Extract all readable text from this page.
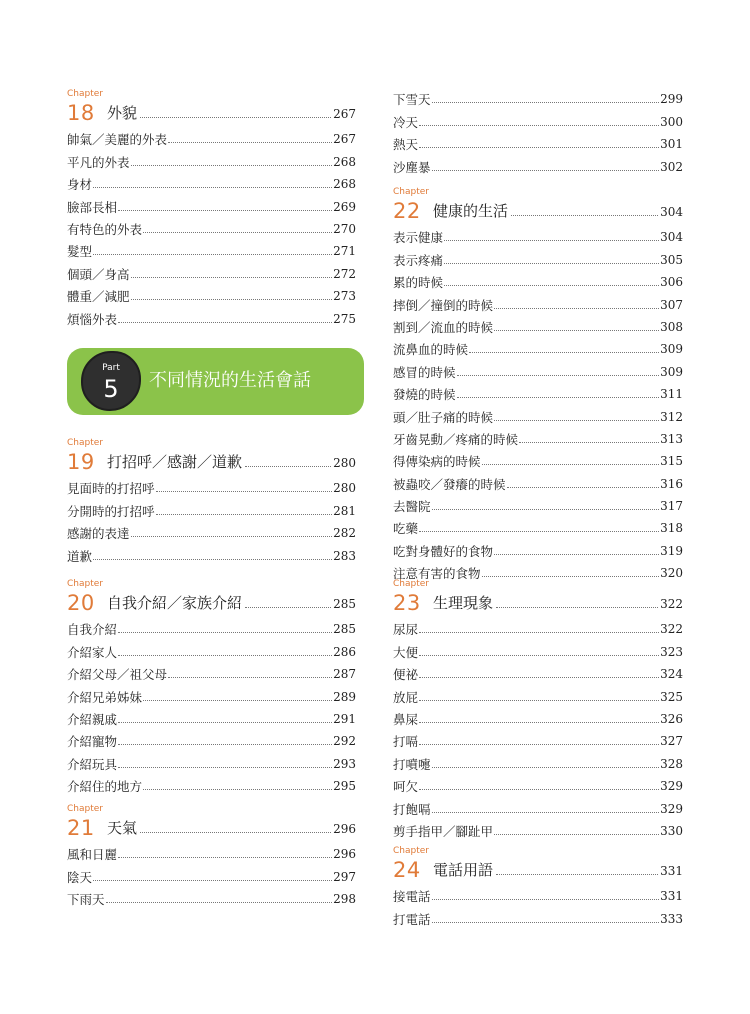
Chapter
18 外貌	267
帥氣／美麗的外表	267
平凡的外表	268
身材	268
臉部長相	269
有特色的外表	270
髮型	271
個頭／身高	272
體重／減肥	273
煩惱外表	275
Chapter
19 打招呼／感謝／道歉	280
見面時的打招呼	280
分開時的打招呼	281
感謝的表達	282
道歉	283
Chapter
20 自我介紹／家族介紹	285
自我介紹	285
介紹家人	286
介紹父母／祖父母	287
介紹兄弟姊妹	289
介紹親戚	291
介紹寵物	292
介紹玩具	293
介紹住的地方	295
Chapter
21 天氣	296
風和日麗	296
陰天	297
下雨天	298
Part
5	不同情況的生活會話
下雪天	299
冷天	300
熱天	301
沙塵暴	302
Chapter
22 健康的生活	304
表示健康	304
表示疼痛	305
累的時候	306
摔倒／撞倒的時候	307
割到／流血的時候	308
流鼻血的時候	309
感冒的時候	309
發燒的時候	311
頭／肚子痛的時候	312
牙齒晃動／疼痛的時候	313
得傳染病的時候	315
被蟲咬／發癢的時候	316
去醫院	317
吃藥	318
吃對身體好的食物	319
注意有害的食物	320
Chapter
23 生理現象	322
尿尿	322
大便	323
便祕	324
放屁	325
鼻屎	326
打嗝	327
打噴嚏	328
呵欠	329
打飽嗝	329
剪手指甲／腳趾甲	330
Chapter
24 電話用語	331
接電話	331
打電話	333
